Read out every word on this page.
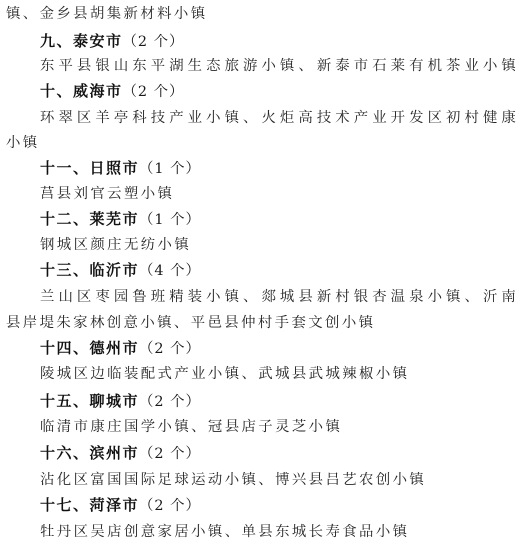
镇、金乡县胡集新材料小镇
九、泰安市（2 个）
东平县银山东平湖生态旅游小镇、新泰市石莱有机茶业小镇
十、威海市（2 个）
环翠区羊亭科技产业小镇、火炬高技术产业开发区初村健康
小镇
十一、日照市（1 个）
莒县刘官云塑小镇
十二、莱芜市（1 个）
钢城区颜庄无纺小镇
十三、临沂市（4 个）
兰山区枣园鲁班精装小镇、郯城县新村银杏温泉小镇、沂南
县岸堤朱家林创意小镇、平邑县仲村手套文创小镇
十四、德州市（2 个）
陵城区边临装配式产业小镇、武城县武城辣椒小镇
十五、聊城市（2 个）
临清市康庄国学小镇、冠县店子灵芝小镇
十六、滨州市（2 个）
沾化区富国国际足球运动小镇、博兴县吕艺农创小镇
十七、菏泽市（2 个）
牡丹区吴店创意家居小镇、单县东城长寿食品小镇
